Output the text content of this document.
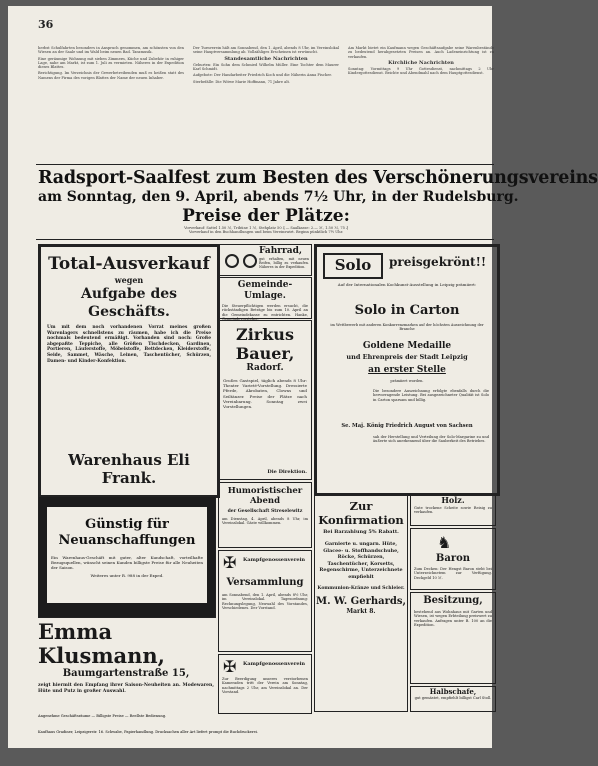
36

herbst Schulfahrten besonders in Anspruch genommen, am schönsten von den Wiesen an der Saale und im Wald beim neuen Bad. Tanzmusik.

Eine geräumige Wohnung mit sieben Zimmern, Küche und Zubehör in ruhiger Lage, nahe am Markt, ist zum 1. Juli zu vermieten. Näheres in der Expedition dieses Blattes.

Berichtigung. Im Verzeichnis der Gewerbetreibenden muß es heißen statt des Namens der Firma des vorigen Blattes der Name der neuen Inhaber.

Der Turnverein hält am Sonnabend, den 1. April, abends 8 Uhr, im Vereinslokal seine Hauptversammlung ab. Vollzähliges Erscheinen ist erwünscht.

Standesamtliche Nachrichten

Geburten: Ein Sohn dem Schmied Wilhelm Müller. Eine Tochter dem Maurer Karl Schmidt.

Aufgebote: Der Handarbeiter Friedrich Koch und die Näherin Anna Fischer.

Sterbefälle: Die Witwe Marie Hoffmann, 71 Jahre alt.

Am Markt bietet ein Kaufmann wegen Geschäftsaufgabe seine Warenbestände zu bedeutend herabgesetzten Preisen an. Auch Ladeneinrichtung ist zu verkaufen.

Kirchliche Nachrichten

Sonntag: Vormittags 9 Uhr Gottesdienst, nachmittags 2 Uhr Kindergottesdienst. Beichte und Abendmahl nach dem Hauptgottesdienst.

Radsport-Saalfest zum Besten des Verschönerungsvereins
am Sonntag, den 9. April, abends 7½ Uhr, in der Rudelsburg.
Preise der Plätze:
Vorverkauf: Sattel 1.50 ℳ, Tribüne 1 ℳ, Stehplatz 50 ₰ — Saalkasse: 2.— ℳ, 1.50 ℳ, 75 ₰
Vorverkauf in den Buchhandlungen und beim Vereinswirt. Beginn pünktlich 7½ Uhr.
Total-Ausverkauf
wegen
Aufgabe des Geschäfts.
Um mit dem noch vorhandenen Vorrat meines großen Warenlagers schnellstens zu räumen, habe ich die Preise nochmals bedeutend ermäßigt. Vorhanden sind noch: Große abgepaßte Teppiche, alle Größen Tischdecken, Gardinen, Portieren, Läuferstoffe, Möbelstoffe, Bettdecken, Kleiderstoffe, Seide, Sammet, Wäsche, Leinen, Taschentücher, Schürzen, Damen- und Kinder-Konfektion.
Warenhaus Eli Frank.
Günstig für Neuanschaffungen
Ein Warenhaus-Geschäft mit guter, alter Kundschaft, vorteilhafte Bezugsquellen, wünscht seinen Kunden billigste Preise für alle Neuheiten der Saison.
Weiteres unter R. 988 in der Exped.
Emma Klusmann,
Baumgartenstraße 15,
zeigt hiermit den Empfang ihrer Saison-Neuheiten an. Modewaren, Hüte und Putz in großer Auswahl.
Angenehme Geschäftsräume — Billigste Preise — Reellste Bedienung.
Fahrrad,
gut erhalten, mit neuen Reifen, billig zu verkaufen. Näheres in der Expedition.
Gemeinde-Umlage.
Die Steuerpflichtigen werden ersucht, die rückständigen Beträge bis zum 10. April an die Gemeindekasse zu entrichten. Hanke, Gemeindevorsteher.
Zirkus Bauer,
Radorf.
Großes Gastspiel, täglich abends 8 Uhr: Theater Varieté-Vorstellung. Dressierte Pferde, Akrobaten, Clowns und Seiltänzer. Preise der Plätze nach Vereinbarung. Sonntag zwei Vorstellungen.
Die Direktion.
Humoristischer Abend
der Gesellschaft Streselewitz
am Dienstag, 4. April, abends 8 Uhr, im Vereinslokal. Gäste willkommen.
✠ Kampfgenossenverein
Versammlung
am Sonnabend, den 1. April, abends 8½ Uhr, im Vereinslokal. Tagesordnung: Rechnungslegung, Neuwahl des Vorstandes, Verschiedenes. Der Vorstand.
✠ Kampfgenossenverein
Zur Beerdigung unseres verstorbenen Kameraden tritt der Verein am Sonntag, nachmittags 2 Uhr, am Vereinslokal an. Der Vorstand.
Solo	preisgekrönt!!
Auf der Internationalen Kochkunst-Ausstellung in Leipzig prämiiert:
Solo in Carton
im Wettbewerb mit anderen Konkurrenzmarken auf der höchsten Auszeichnung der Branche
Goldene Medaille
und Ehrenpreis der Stadt Leipzig
an erster Stelle
prämiiert worden.
Die besondere Auszeichnung erfolgte ebenfalls durch die hervorragende Leistung. Bei ausgezeichneter Qualität ist Solo in Carton sparsam und billig.
Se. Maj. König Friedrich August von Sachsen
sah der Herstellung und Verteilung der Solo-Margarine zu und äußerte sich anerkennend über die Sauberkeit des Betriebes.
Zur Konfirmation
Bei Barzahlung 5% Rabatt.
Garnierte u. ungarn. Hüte, Glacee- u. Stoffhandschuhe, Röcke, Schürzen, Taschentücher, Korsetts, Regenschirme, Unterzeichnete empfiehlt
Kommunion-Kränze und Schleier.
M. W. Gerhards,
Markt 8.
Holz.
Gute trockene Scheite sowie Reisig zu verkaufen.
♞
Baron
Zum Decken: Der Hengst Baron steht bei Unterzeichnetem zur Verfügung. Deckgeld 10 ℳ.
Besitzung,
bestehend aus Wohnhaus mit Garten und Wiesen, ist wegen Erbteilung preiswert zu verkaufen. Anfragen unter B. 100 an die Expedition.
Halbschafe,
gut gemästet, empfiehlt billigst Carl Stoll.
Kaufhaus Gradiner, Leipzigerstr. 16. Schwabe, Papierhandlung. Drucksachen aller Art liefert prompt die Buchdruckerei.
